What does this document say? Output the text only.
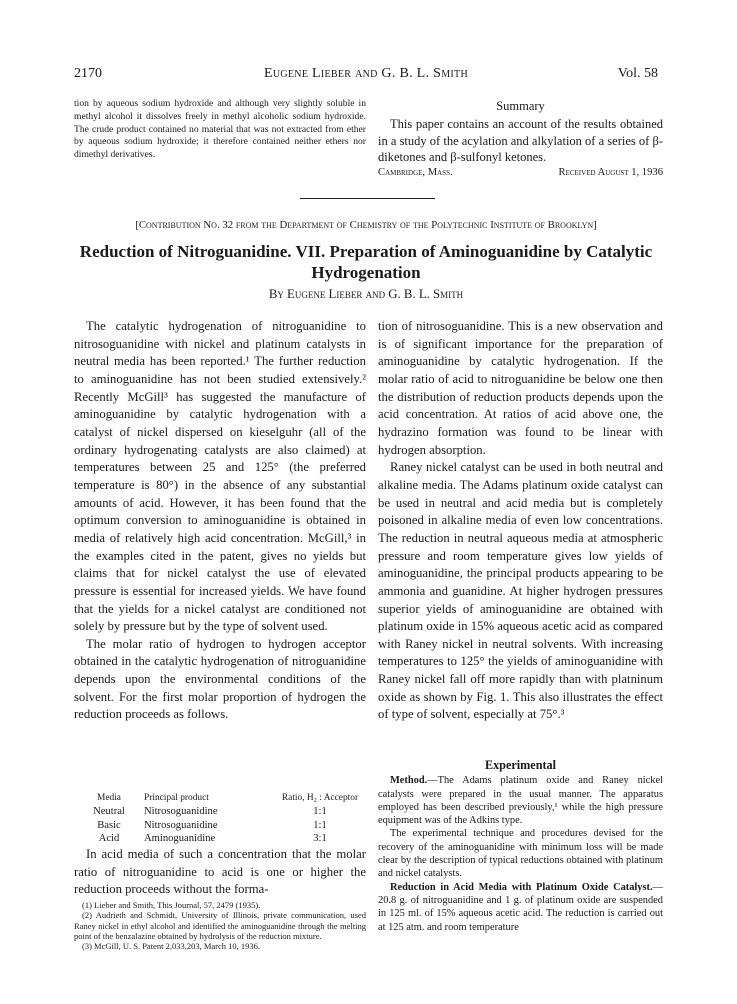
2170	Eugene Lieber and G. B. L. Smith	Vol. 58

tion by aqueous sodium hydroxide and although very slightly soluble in methyl alcohol it dissolves freely in methyl alcoholic sodium hydroxide. The crude product contained no material that was not extracted from ether by aqueous sodium hydroxide; it therefore contained neither ethers nor dimethyl derivatives.

Summary

This paper contains an account of the results obtained in a study of the acylation and alkylation of a series of β-diketones and β-sulfonyl ketones.

Cambridge, Mass.	Received August 1, 1936
[Contribution No. 32 from the Department of Chemistry of the Polytechnic Institute of Brooklyn]
Reduction of Nitroguanidine. VII. Preparation of Aminoguanidine by Catalytic
Hydrogenation
By Eugene Lieber and G. B. L. Smith

The catalytic hydrogenation of nitroguanidine to nitrosoguanidine with nickel and platinum catalysts in neutral media has been reported.¹ The further reduction to aminoguanidine has not been studied extensively.² Recently McGill³ has suggested the manufacture of aminoguanidine by catalytic hydrogenation with a catalyst of nickel dispersed on kieselguhr (all of the ordinary hydrogenating catalysts are also claimed) at temperatures between 25 and 125° (the preferred temperature is 80°) in the absence of any substantial amounts of acid. However, it has been found that the optimum conversion to aminoguanidine is obtained in media of relatively high acid concentration. McGill,³ in the examples cited in the patent, gives no yields but claims that for nickel catalyst the use of elevated pressure is essential for increased yields. We have found that the yields for a nickel catalyst are conditioned not solely by pressure but by the type of solvent used.

The molar ratio of hydrogen to hydrogen acceptor obtained in the catalytic hydrogenation of nitroguanidine depends upon the environmental conditions of the solvent. For the first molar proportion of hydrogen the reduction proceeds as follows.

Media	Principal product	Ratio, H₂ : Acceptor
Neutral	Nitrosoguanidine	1:1
Basic	Nitrosoguanidine	1:1
Acid	Aminoguanidine	3:1

In acid media of such a concentration that the molar ratio of nitroguanidine to acid is one or higher the reduction proceeds without the forma-

(1) Lieber and Smith, This Journal, 57, 2479 (1935).

(2) Audrieth and Schmidt, University of Illinois, private communication, used Raney nickel in ethyl alcohol and identified the aminoguanidine through the melting point of the benzalazine obtained by hydrolysis of the reduction mixture.

(3) McGill, U. S. Patent 2,033,203, March 10, 1936.

tion of nitrosoguanidine. This is a new observation and is of significant importance for the preparation of aminoguanidine by catalytic hydrogenation. If the molar ratio of acid to nitroguanidine be below one then the distribution of reduction products depends upon the acid concentration. At ratios of acid above one, the hydrazino formation was found to be linear with hydrogen absorption.

Raney nickel catalyst can be used in both neutral and alkaline media. The Adams platinum oxide catalyst can be used in neutral and acid media but is completely poisoned in alkaline media of even low concentrations. The reduction in neutral aqueous media at atmospheric pressure and room temperature gives low yields of aminoguanidine, the principal products appearing to be ammonia and guanidine. At higher hydrogen pressures superior yields of aminoguanidine are obtained with platinum oxide in 15% aqueous acetic acid as compared with Raney nickel in neutral solvents. With increasing temperatures to 125° the yields of aminoguanidine with Raney nickel fall off more rapidly than with platninum oxide as shown by Fig. 1. This also illustrates the effect of type of solvent, especially at 75°.³

Experimental

Method.—The Adams platinum oxide and Raney nickel catalysts were prepared in the usual manner. The apparatus employed has been described previously,¹ while the high pressure equipment was of the Adkins type.

The experimental technique and procedures devised for the recovery of the aminoguanidine with minimum loss will be made clear by the description of typical reductions obtained with platinum and nickel catalysts.

Reduction in Acid Media with Platinum Oxide Catalyst.—20.8 g. of nitroguanidine and 1 g. of platinum oxide are suspended in 125 ml. of 15% aqueous acetic acid. The reduction is carried out at 125 atm. and room temperature
